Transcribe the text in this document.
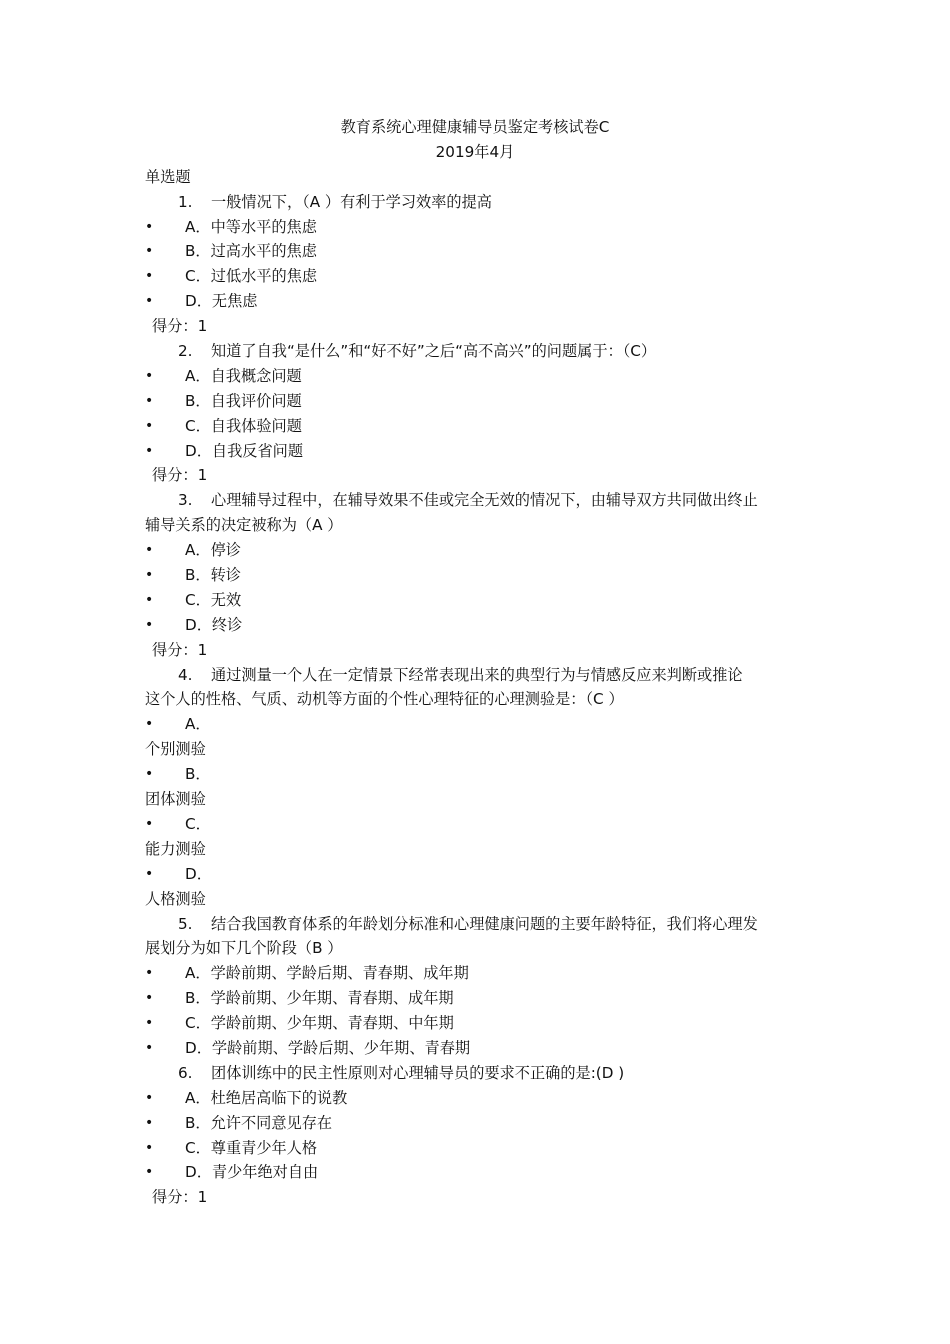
教育系统心理健康辅导员鉴定考核试卷C
2019年4月
单选题
1. 一般情况下，（A ）有利于学习效率的提高
• A．中等水平的焦虑
• B．过高水平的焦虑
• C．过低水平的焦虑
• D．无焦虑
得分：1
2. 知道了自我“是什么”和“好不好”之后“高不高兴”的问题属于：（C）
• A．自我概念问题
• B．自我评价问题
• C．自我体验问题
• D．自我反省问题
得分：1
3. 心理辅导过程中，在辅导效果不佳或完全无效的情况下，由辅导双方共同做出终止
辅导关系的决定被称为（A ）
• A．停诊
• B．转诊
• C．无效
• D．终诊
得分：1
4. 通过测量一个人在一定情景下经常表现出来的典型行为与情感反应来判断或推论
这个人的性格、气质、动机等方面的个性心理特征的心理测验是：（C ）
• A．
个别测验
• B．
团体测验
• C．
能力测验
• D．
人格测验
5. 结合我国教育体系的年龄划分标准和心理健康问题的主要年龄特征，我们将心理发
展划分为如下几个阶段（B ）
• A．学龄前期、学龄后期、青春期、成年期
• B．学龄前期、少年期、青春期、成年期
• C．学龄前期、少年期、青春期、中年期
• D．学龄前期、学龄后期、少年期、青春期
6. 团体训练中的民主性原则对心理辅导员的要求不正确的是:(D )
• A．杜绝居高临下的说教
• B．允许不同意见存在
• C．尊重青少年人格
• D．青少年绝对自由
得分：1
